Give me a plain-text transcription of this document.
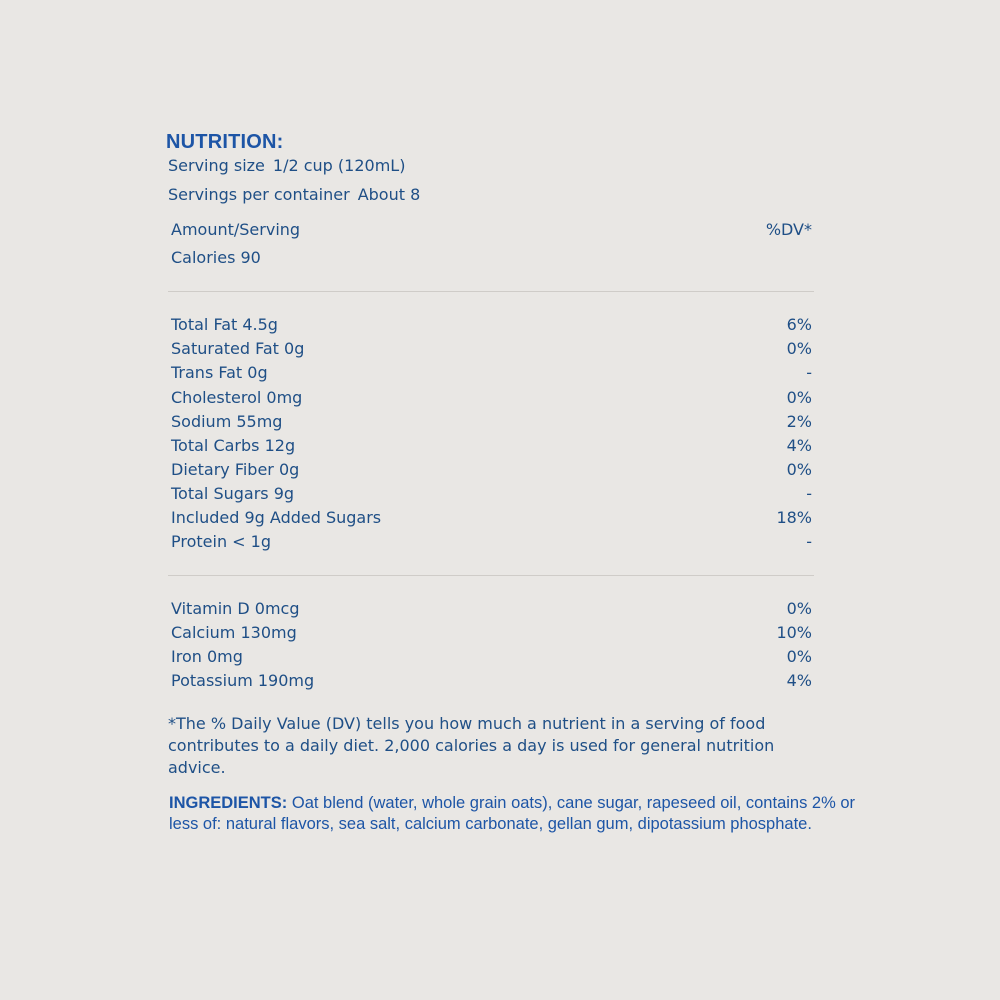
NUTRITION:
Serving size 1/2 cup (120mL)
Servings per container About 8
Amount/Serving	%DV*
Calories 90
Total Fat 4.5g	6%
Saturated Fat 0g	0%
Trans Fat 0g	-
Cholesterol 0mg	0%
Sodium 55mg	2%
Total Carbs 12g	4%
Dietary Fiber 0g	0%
Total Sugars 9g	-
Included 9g Added Sugars	18%
Protein < 1g	-
Vitamin D 0mcg	0%
Calcium 130mg	10%
Iron 0mg	0%
Potassium 190mg	4%
*The % Daily Value (DV) tells you how much a nutrient in a serving of food contributes to a daily diet. 2,000 calories a day is used for general nutrition advice.
INGREDIENTS: Oat blend (water, whole grain oats), cane sugar, rapeseed oil, contains 2% or less of: natural flavors, sea salt, calcium carbonate, gellan gum, dipotassium phosphate.
